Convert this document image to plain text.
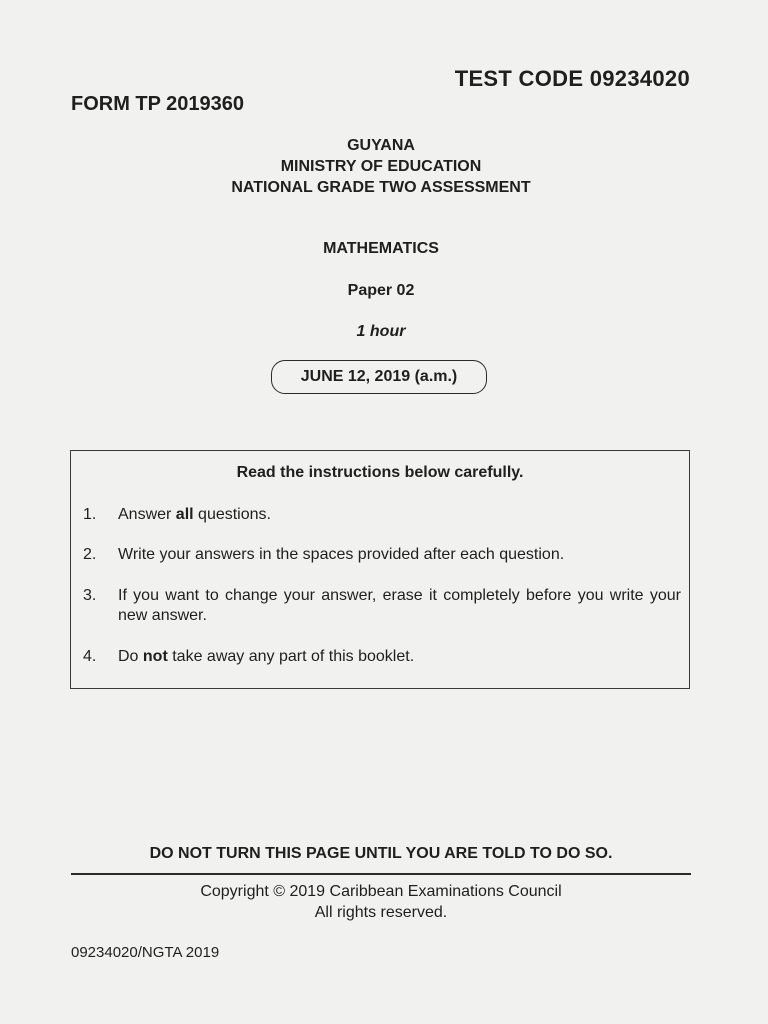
TEST CODE 09234020
FORM TP 2019360
GUYANA
MINISTRY OF EDUCATION
NATIONAL GRADE TWO ASSESSMENT
MATHEMATICS
Paper 02
1 hour
JUNE 12, 2019 (a.m.)
Read the instructions below carefully.
1.	Answer all questions.
2.	Write your answers in the spaces provided after each question.
3.	If you want to change your answer, erase it completely before you write your new answer.
4.	Do not take away any part of this booklet.
DO NOT TURN THIS PAGE UNTIL YOU ARE TOLD TO DO SO.
Copyright © 2019 Caribbean Examinations Council
All rights reserved.
09234020/NGTA 2019
